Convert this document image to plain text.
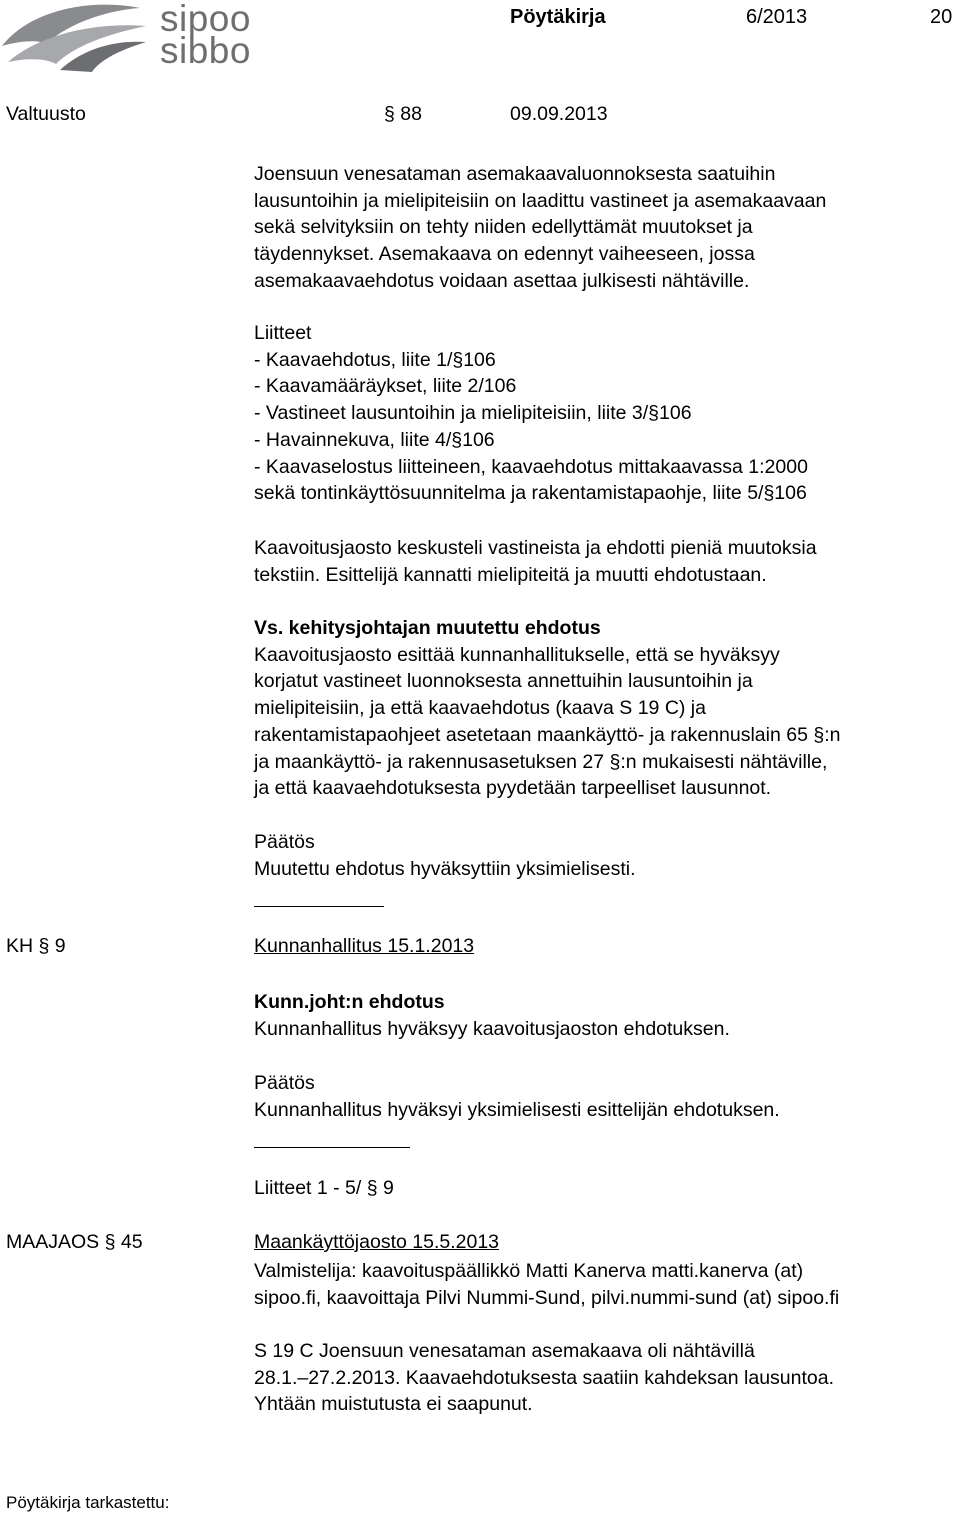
sipoo
sibbo
Pöytäkirja	6/2013	20
Valtuusto	§ 88	09.09.2013
Joensuun venesataman asemakaavaluonnoksesta saatuihin
lausuntoihin ja mielipiteisiin on laadittu vastineet ja asemakaavaan
sekä selvityksiin on tehty niiden edellyttämät muutokset ja
täydennykset. Asemakaava on edennyt vaiheeseen, jossa
asemakaavaehdotus voidaan asettaa julkisesti nähtäville.
Liitteet
- Kaavaehdotus, liite 1/§106
- Kaavamääräykset, liite 2/106
- Vastineet lausuntoihin ja mielipiteisiin, liite 3/§106
- Havainnekuva, liite 4/§106
- Kaavaselostus liitteineen, kaavaehdotus mittakaavassa 1:2000
sekä tontinkäyttösuunnitelma ja rakentamistapaohje, liite 5/§106
Kaavoitusjaosto keskusteli vastineista ja ehdotti pieniä muutoksia
tekstiin. Esittelijä kannatti mielipiteitä ja muutti ehdotustaan.
Vs. kehitysjohtajan muutettu ehdotus
Kaavoitusjaosto esittää kunnanhallitukselle, että se hyväksyy
korjatut vastineet luonnoksesta annettuihin lausuntoihin ja
mielipiteisiin, ja että kaavaehdotus (kaava S 19 C) ja
rakentamistapaohjeet asetetaan maankäyttö- ja rakennuslain 65 §:n
ja maankäyttö- ja rakennusasetuksen 27 §:n mukaisesti nähtäville,
ja että kaavaehdotuksesta pyydetään tarpeelliset lausunnot.
Päätös
Muutettu ehdotus hyväksyttiin yksimielisesti.
KH § 9	Kunnanhallitus 15.1.2013
Kunn.joht:n ehdotus
Kunnanhallitus hyväksyy kaavoitusjaoston ehdotuksen.
Päätös
Kunnanhallitus hyväksyi yksimielisesti esittelijän ehdotuksen.
Liitteet 1 - 5/ § 9
MAAJAOS § 45	Maankäyttöjaosto 15.5.2013
Valmistelija: kaavoituspäällikkö Matti Kanerva matti.kanerva (at)
sipoo.fi, kaavoittaja Pilvi Nummi-Sund, pilvi.nummi-sund (at) sipoo.fi
S 19 C Joensuun venesataman asemakaava oli nähtävillä
28.1.–27.2.2013. Kaavaehdotuksesta saatiin kahdeksan lausuntoa.
Yhtään muistutusta ei saapunut.
Pöytäkirja tarkastettu:
